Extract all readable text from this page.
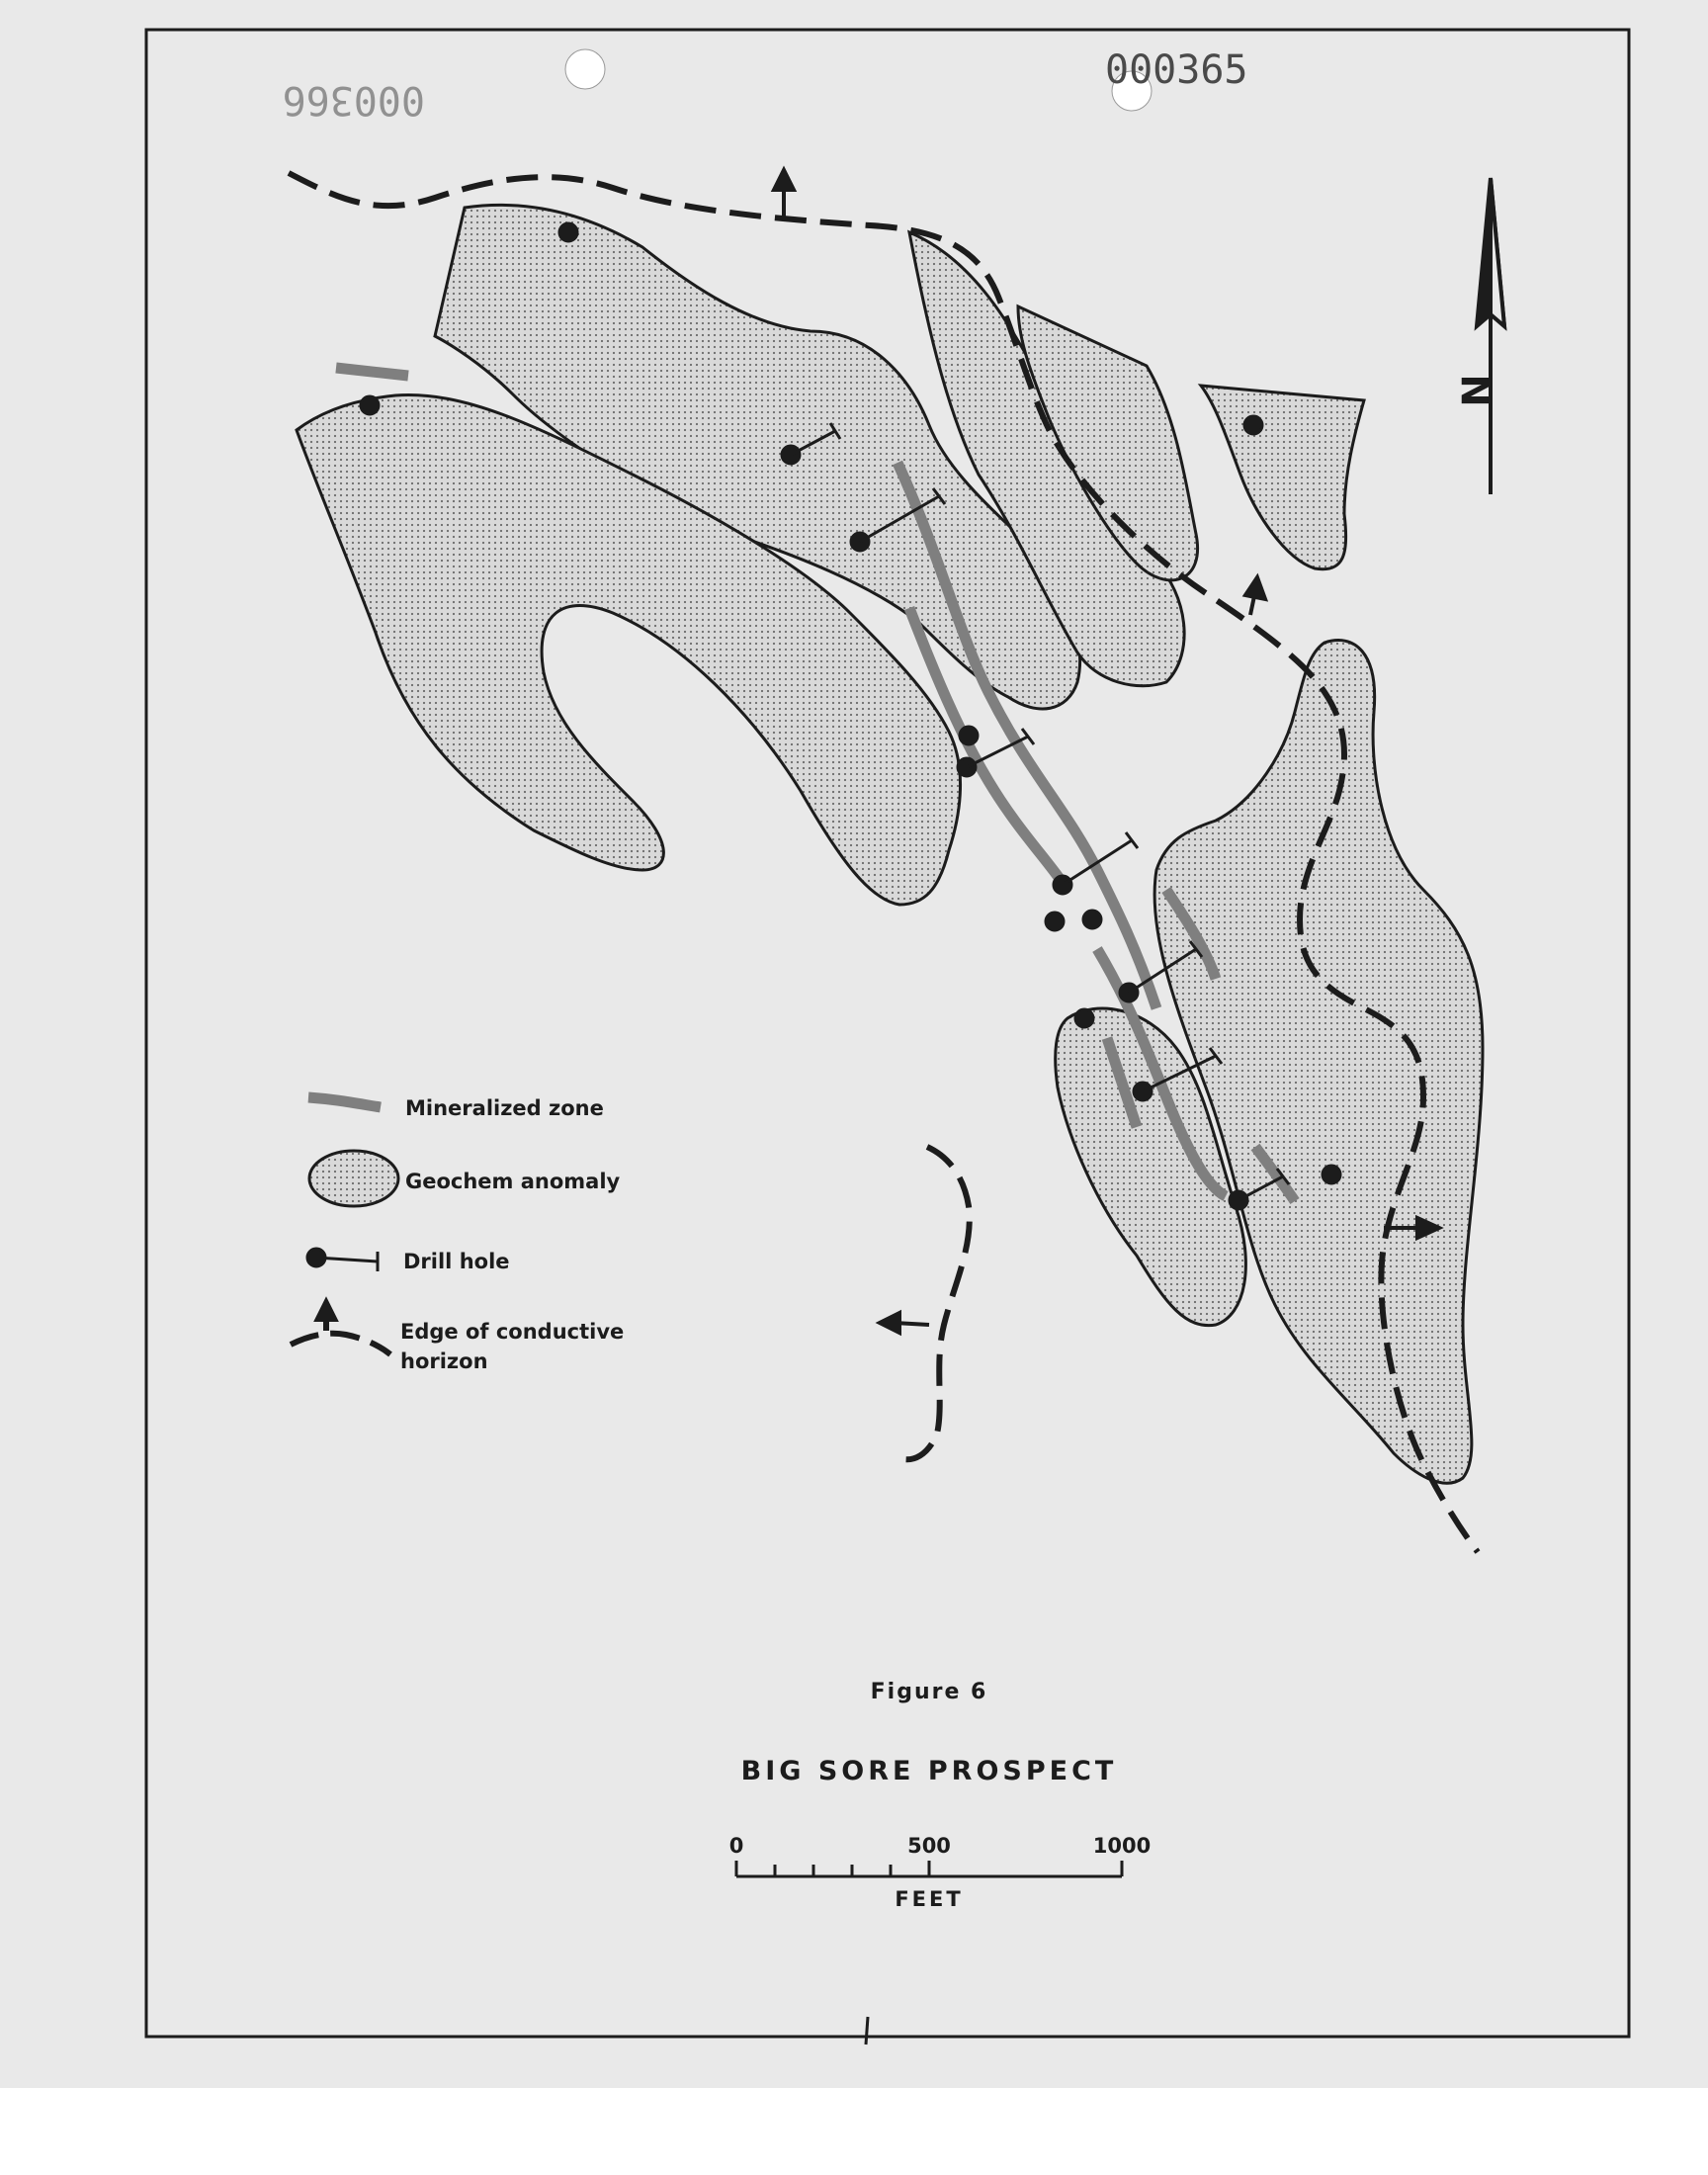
000365
000366
N
Mineralized zone
Geochem anomaly
Drill hole
Edge of conductive
horizon
Figure 6
BIG SORE PROSPECT
0	500	1000
FEET
